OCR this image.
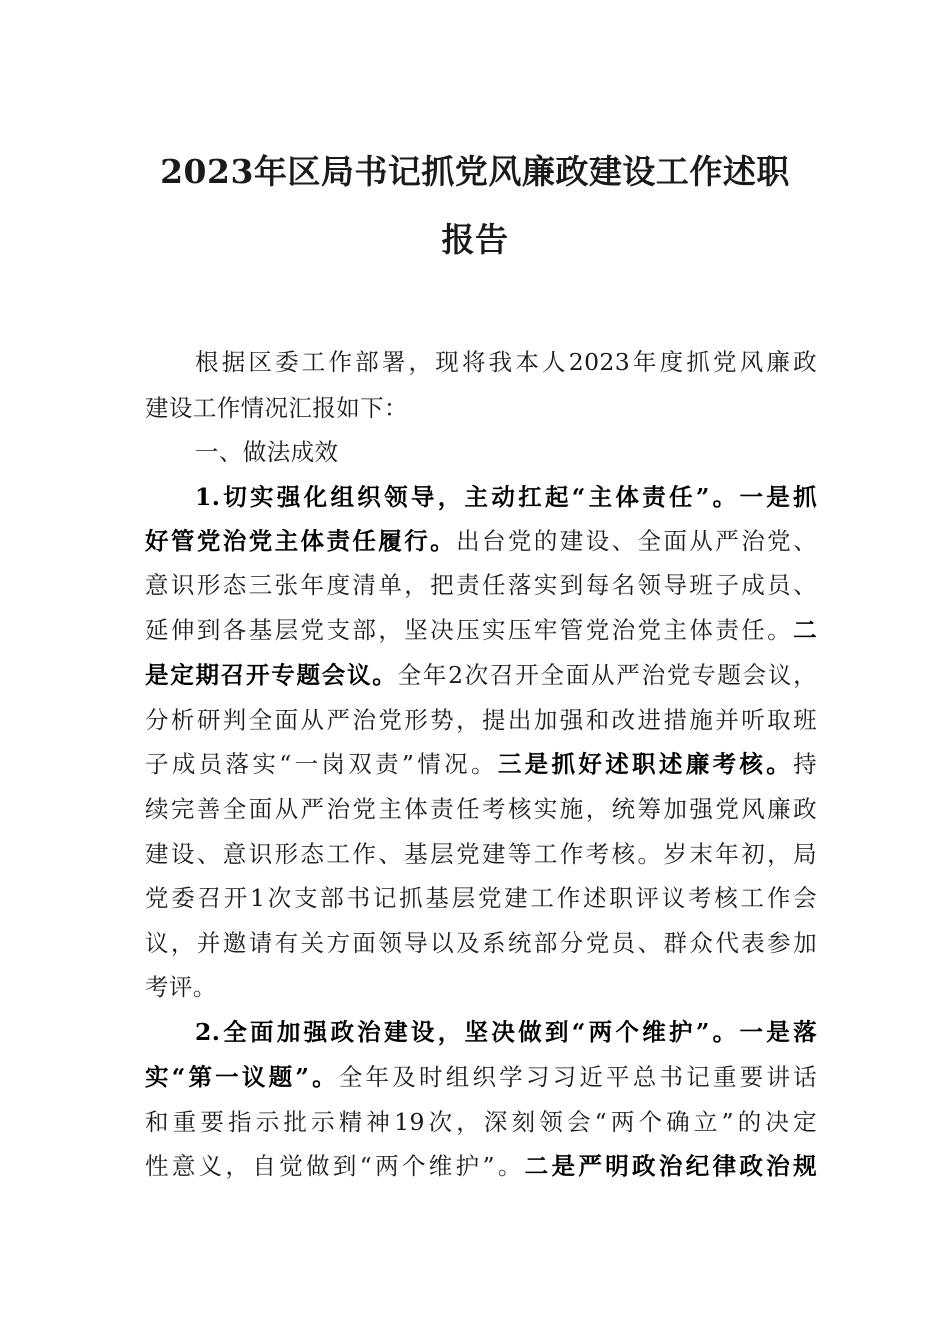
2023年区局书记抓党风廉政建设工作述职
报告
根据区委工作部署，现将我本人2023年度抓党风廉政
建设工作情况汇报如下：
一、做法成效
1.切实强化组织领导，主动扛起“主体责任”。一是抓
好管党治党主体责任履行。出台党的建设、全面从严治党、
意识形态三张年度清单，把责任落实到每名领导班子成员、
延伸到各基层党支部，坚决压实压牢管党治党主体责任。二
是定期召开专题会议。全年2次召开全面从严治党专题会议，
分析研判全面从严治党形势，提出加强和改进措施并听取班
子成员落实“一岗双责”情况。三是抓好述职述廉考核。持
续完善全面从严治党主体责任考核实施，统筹加强党风廉政
建设、意识形态工作、基层党建等工作考核。岁末年初，局
党委召开1次支部书记抓基层党建工作述职评议考核工作会
议，并邀请有关方面领导以及系统部分党员、群众代表参加
考评。
2.全面加强政治建设，坚决做到“两个维护”。一是落
实“第一议题”。全年及时组织学习习近平总书记重要讲话
和重要指示批示精神19次，深刻领会“两个确立”的决定
性意义，自觉做到“两个维护”。二是严明政治纪律政治规
